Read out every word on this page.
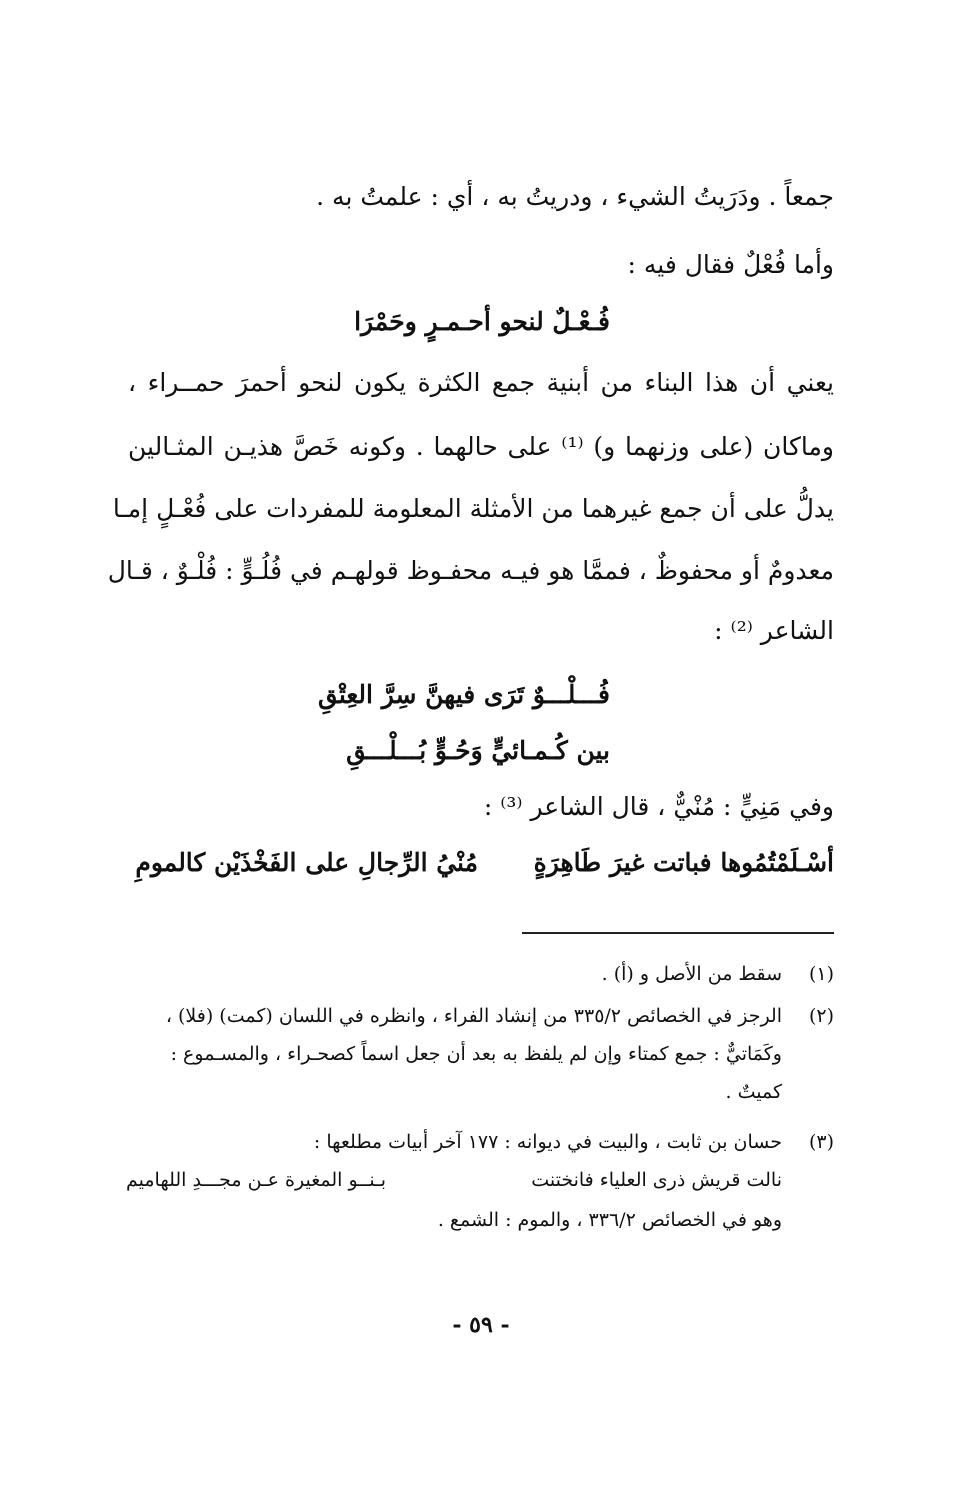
جمعاً . ودَرَيتُ الشيء ، ودريتُ به ، أي : علمتُ به .
وأما فُعْلٌ فقال فيه :
فُـعْـلٌ لنحو أحـمـرٍ وحَمْرَا
يعني أن هذا البناء من أبنية جمع الكثرة يكون لنحو أحمرَ حمــراء ،
وماكان (على وزنهما و) ⁽¹⁾ على حالهما . وكونه خَصَّ هذيـن المثـالين
يدلُّ على أن جمع غيرهما من الأمثلة المعلومة للمفردات على فُعْـلٍ إمـا
معدومٌ أو محفوظٌ ، فممَّا هو فيـه محفـوظ قولهـم في فُلُـوٍّ : فُلْـوٌ ، قـال
الشاعر ⁽²⁾ :
فُـــلْـــوٌ تَرَى فيهنَّ سِرَّ العِتْقِ
بين كُـمـائيٍّ وَحُـوٍّ بُـــلْـــقِ
وفي مَنِيٍّ : مُنْيٌّ ، قال الشاعر ⁽³⁾ :
أسْـلَمْتُمُوها فباتت غيرَ طَاهِرَةٍ
مُنْيُ الرِّجالِ على الفَخْذَيْن كالمومِ
(١)سقط من الأصل و (أ) .
(٢)
الرجز في الخصائص ٣٣٥/٢ من إنشاد الفراء ، وانظره في اللسان (كمت) (فلا) ،
وكَمَاتيٌّ : جمع كمتاء وإن لم يلفظ به بعد أن جعل اسماً كصحـراء ، والمسـموع :
كميتٌ .
(٣)
حسان بن ثابت ، والبيت في ديوانه : ١٧٧ آخر أبيات مطلعها :
نالت قريش ذرى العلياء فانختنت
بـنــو المغيرة عـن مجـــدِ اللهاميم
وهو في الخصائص ٣٣٦/٢ ، والموم : الشمع .
- ٥٩ -
